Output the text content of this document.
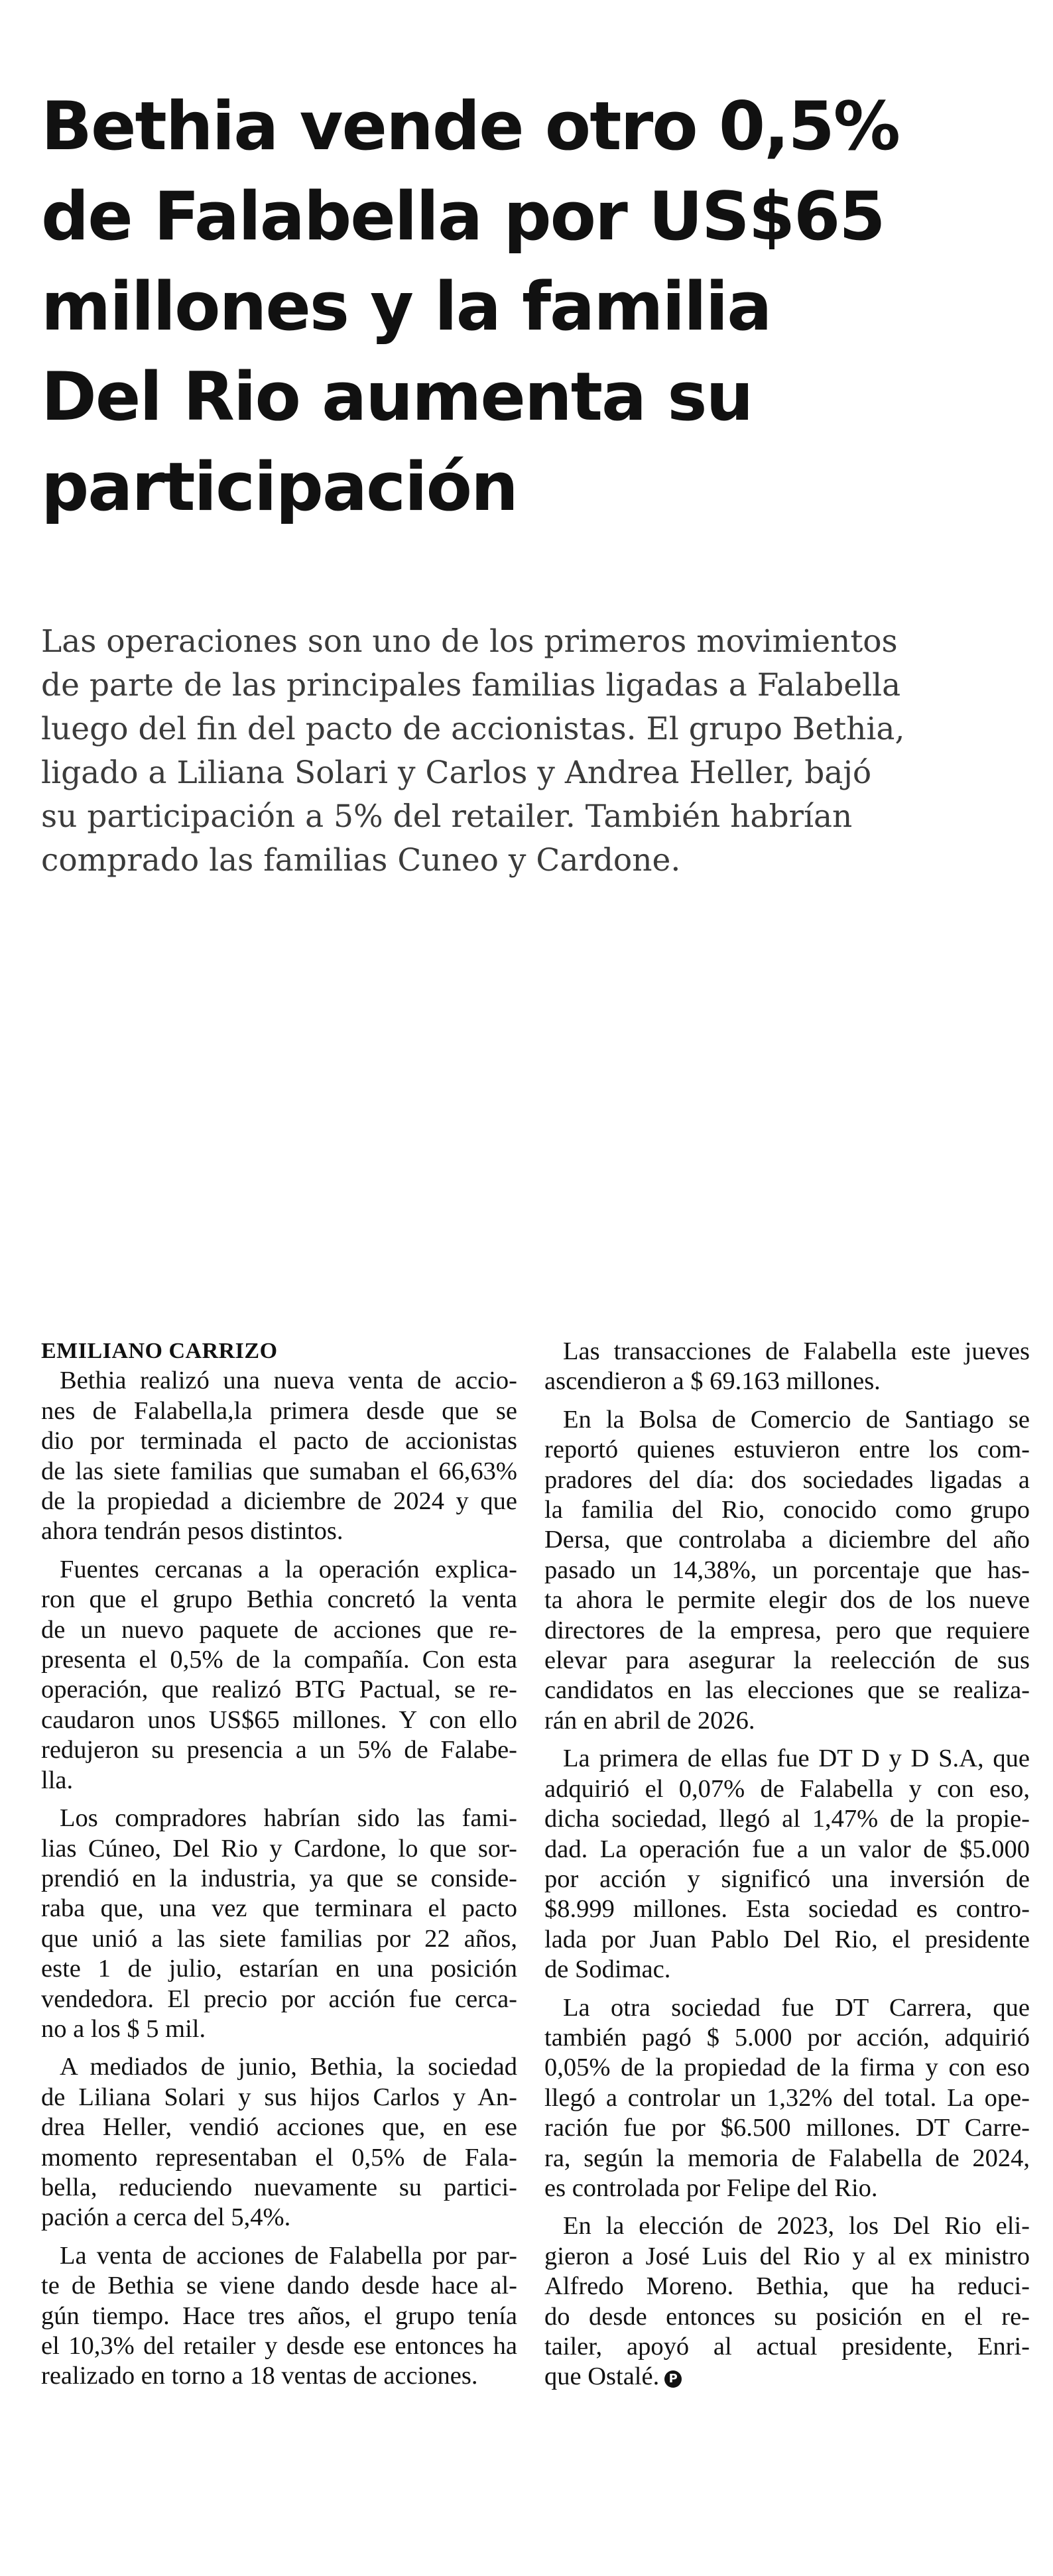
Bethia vende otro 0,5%
de Falabella por US$65
millones y la familia
Del Rio aumenta su
participación
Las operaciones son uno de los primeros movimientos
de parte de las principales familias ligadas a Falabella
luego del fin del pacto de accionistas. El grupo Bethia,
ligado a Liliana Solari y Carlos y Andrea Heller, bajó
su participación a 5% del retailer. También habrían
comprado las familias Cuneo y Cardone.
EMILIANO CARRIZO
Bethia realizó una nueva venta de accio-
nes de Falabella,la primera desde que se
dio por terminada el pacto de accionistas
de las siete familias que sumaban el 66,63%
de la propiedad a diciembre de 2024 y que
ahora tendrán pesos distintos.
Fuentes cercanas a la operación explica-
ron que el grupo Bethia concretó la venta
de un nuevo paquete de acciones que re-
presenta el 0,5% de la compañía. Con esta
operación, que realizó BTG Pactual, se re-
caudaron unos US$65 millones. Y con ello
redujeron su presencia a un 5% de Falabe-
lla.
Los compradores habrían sido las fami-
lias Cúneo, Del Rio y Cardone, lo que sor-
prendió en la industria, ya que se conside-
raba que, una vez que terminara el pacto
que unió a las siete familias por 22 años,
este 1 de julio, estarían en una posición
vendedora. El precio por acción fue cerca-
no a los $ 5 mil.
A mediados de junio, Bethia, la sociedad
de Liliana Solari y sus hijos Carlos y An-
drea Heller, vendió acciones que, en ese
momento representaban el 0,5% de Fala-
bella, reduciendo nuevamente su partici-
pación a cerca del 5,4%.
La venta de acciones de Falabella por par-
te de Bethia se viene dando desde hace al-
gún tiempo. Hace tres años, el grupo tenía
el 10,3% del retailer y desde ese entonces ha
realizado en torno a 18 ventas de acciones.
Las transacciones de Falabella este jueves
ascendieron a $ 69.163 millones.
En la Bolsa de Comercio de Santiago se
reportó quienes estuvieron entre los com-
pradores del día: dos sociedades ligadas a
la familia del Rio, conocido como grupo
Dersa, que controlaba a diciembre del año
pasado un 14,38%, un porcentaje que has-
ta ahora le permite elegir dos de los nueve
directores de la empresa, pero que requiere
elevar para asegurar la reelección de sus
candidatos en las elecciones que se realiza-
rán en abril de 2026.
La primera de ellas fue DT D y D S.A, que
adquirió el 0,07% de Falabella y con eso,
dicha sociedad, llegó al 1,47% de la propie-
dad. La operación fue a un valor de $5.000
por acción y significó una inversión de
$8.999 millones. Esta sociedad es contro-
lada por Juan Pablo Del Rio, el presidente
de Sodimac.
La otra sociedad fue DT Carrera, que
también pagó $ 5.000 por acción, adquirió
0,05% de la propiedad de la firma y con eso
llegó a controlar un 1,32% del total. La ope-
ración fue por $6.500 millones. DT Carre-
ra, según la memoria de Falabella de 2024,
es controlada por Felipe del Rio.
En la elección de 2023, los Del Rio eli-
gieron a José Luis del Rio y al ex ministro
Alfredo Moreno. Bethia, que ha reduci-
do desde entonces su posición en el re-
tailer, apoyó al actual presidente, Enri-
que Ostalé. P
